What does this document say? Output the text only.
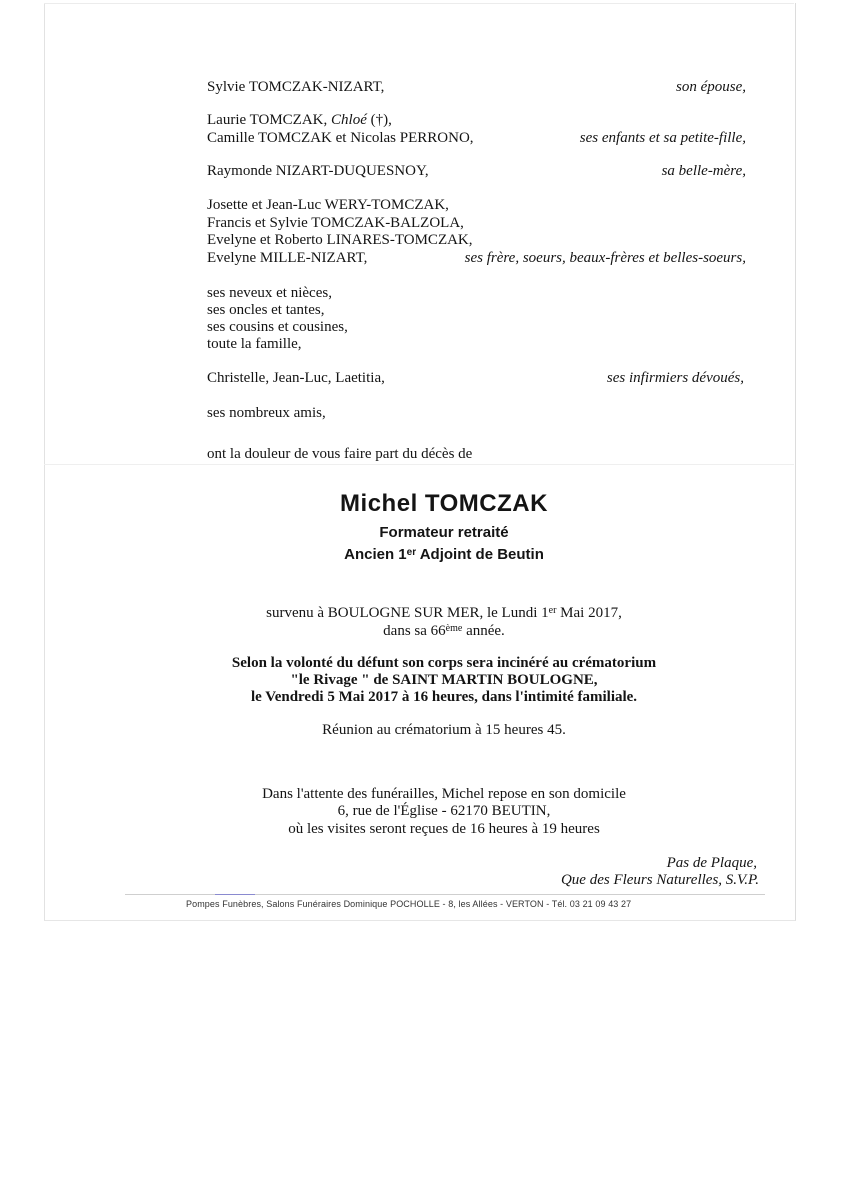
Sylvie TOMCZAK-NIZART,	son épouse,
Laurie TOMCZAK, Chloé (†),
Camille TOMCZAK et Nicolas PERRONO,	ses enfants et sa petite-fille,
Raymonde NIZART-DUQUESNOY,	sa belle-mère,
Josette et Jean-Luc WERY-TOMCZAK,
Francis et Sylvie TOMCZAK-BALZOLA,
Evelyne et Roberto LINARES-TOMCZAK,
Evelyne MILLE-NIZART,	ses frère, soeurs, beaux-frères et belles-soeurs,
ses neveux et nièces,
ses oncles et tantes,
ses cousins et cousines,
toute la famille,
Christelle, Jean-Luc, Laetitia,	ses infirmiers dévoués,
ses nombreux amis,
ont la douleur de vous faire part du décès de
Michel TOMCZAK
Formateur retraité
Ancien 1er Adjoint de Beutin
survenu à BOULOGNE SUR MER, le Lundi 1er Mai 2017,
dans sa 66ème année.
Selon la volonté du défunt son corps sera incinéré au crématorium
"le Rivage " de SAINT MARTIN BOULOGNE,
le Vendredi 5 Mai 2017 à 16 heures, dans l'intimité familiale.
Réunion au crématorium à 15 heures 45.
Dans l'attente des funérailles, Michel repose en son domicile
6, rue de l'Église - 62170 BEUTIN,
où les visites seront reçues de 16 heures à 19 heures
Pas de Plaque,
Que des Fleurs Naturelles, S.V.P.
Pompes Funèbres, Salons Funéraires Dominique POCHOLLE - 8, les Allées - VERTON - Tél. 03 21 09 43 27
